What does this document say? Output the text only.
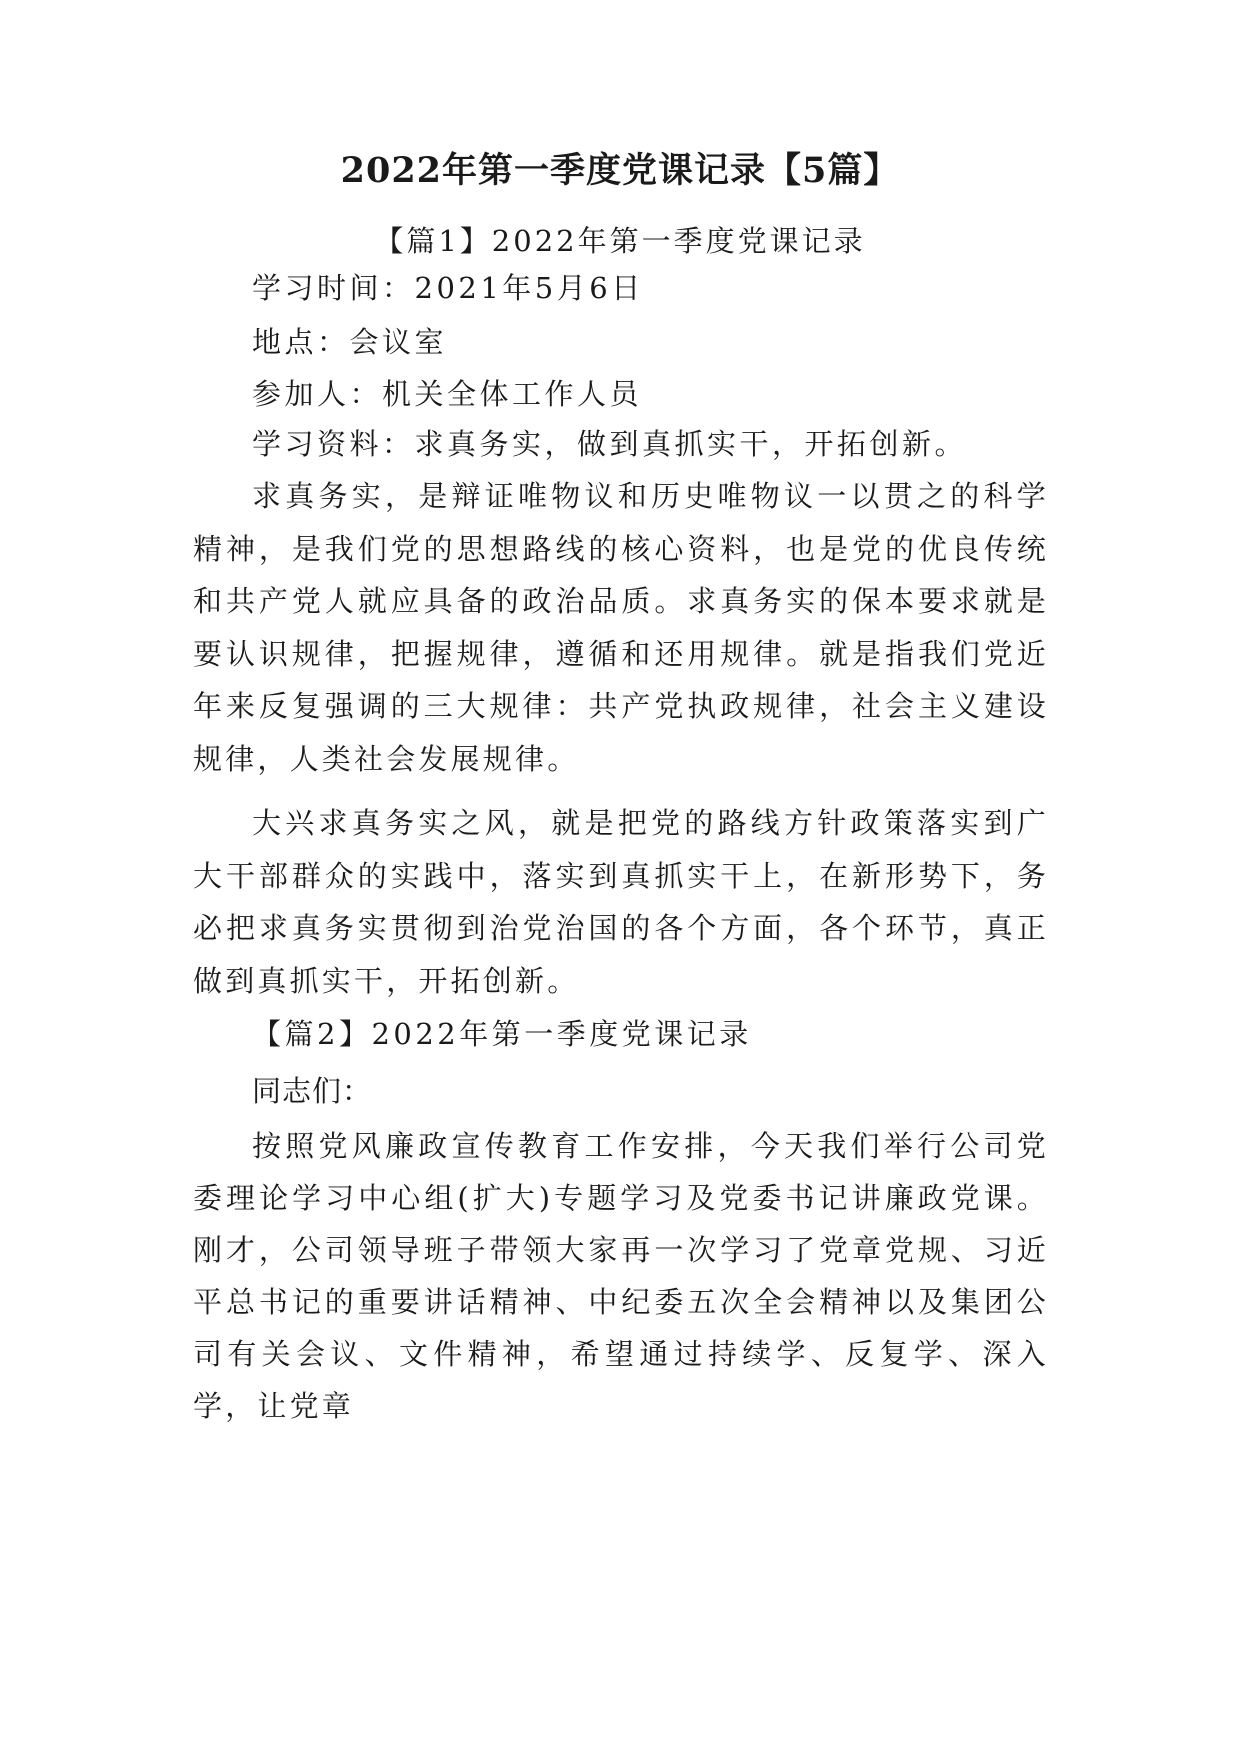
2022年第一季度党课记录【5篇】
【篇1】2022年第一季度党课记录
学习时间：2021年5月6日
地点：会议室
参加人：机关全体工作人员
学习资料：求真务实，做到真抓实干，开拓创新。

求真务实，是辩证唯物议和历史唯物议一以贯之的科学精神，是我们党的思想路线的核心资料，也是党的优良传统和共产党人就应具备的政治品质。求真务实的保本要求就是要认识规律，把握规律，遵循和还用规律。就是指我们党近年来反复强调的三大规律：共产党执政规律，社会主义建设规律，人类社会发展规律。

大兴求真务实之风，就是把党的路线方针政策落实到广大干部群众的实践中，落实到真抓实干上，在新形势下，务必把求真务实贯彻到治党治国的各个方面，各个环节，真正做到真抓实干，开拓创新。

【篇2】2022年第一季度党课记录
同志们：

按照党风廉政宣传教育工作安排，今天我们举行公司党委理论学习中心组(扩大)专题学习及党委书记讲廉政党课。刚才，公司领导班子带领大家再一次学习了党章党规、习近平总书记的重要讲话精神、中纪委五次全会精神以及集团公司有关会议、文件精神，希望通过持续学、反复学、深入学，让党章
